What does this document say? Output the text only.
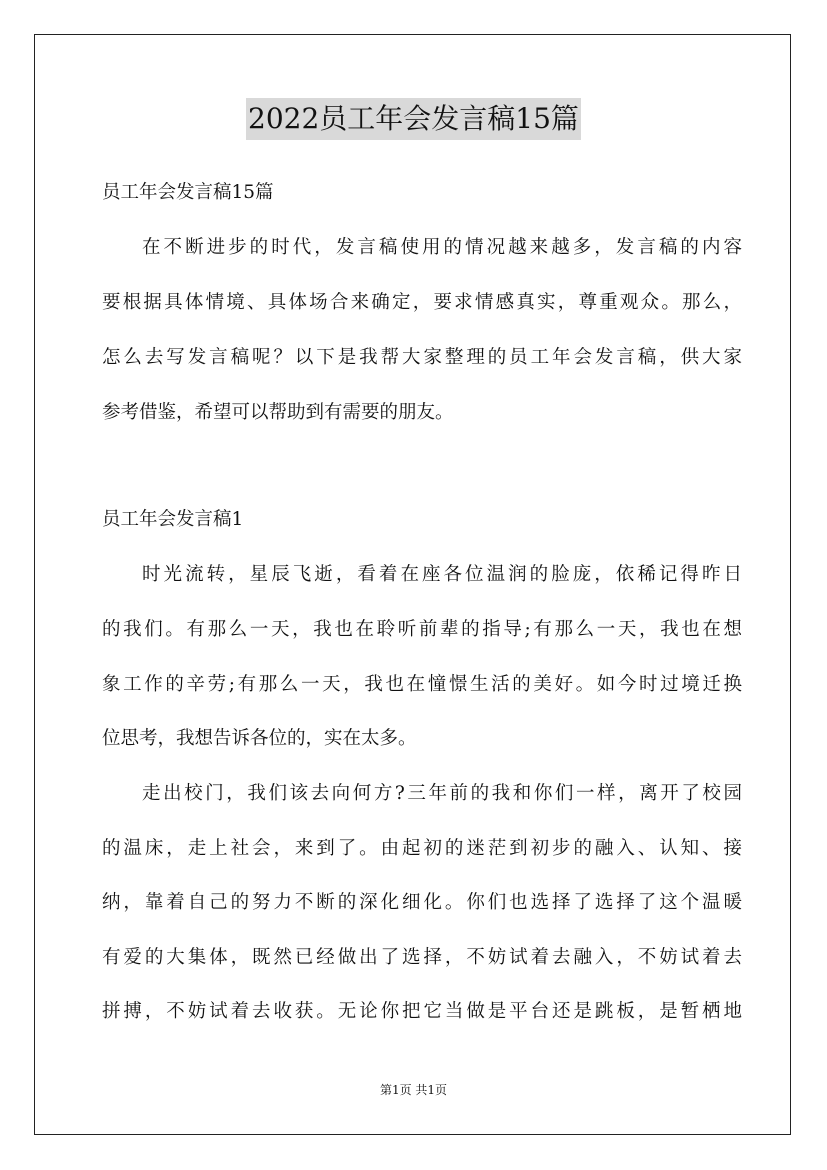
2022员工年会发言稿15篇
员工年会发言稿15篇
在不断进步的时代，发言稿使用的情况越来越多，发言稿的内容
要根据具体情境、具体场合来确定，要求情感真实，尊重观众。那么，
怎么去写发言稿呢？以下是我帮大家整理的员工年会发言稿，供大家
参考借鉴，希望可以帮助到有需要的朋友。
员工年会发言稿1
时光流转，星辰飞逝，看着在座各位温润的脸庞，依稀记得昨日
的我们。有那么一天，我也在聆听前辈的指导;有那么一天，我也在想
象工作的辛劳;有那么一天，我也在憧憬生活的美好。如今时过境迁换
位思考，我想告诉各位的，实在太多。
走出校门，我们该去向何方?三年前的我和你们一样，离开了校园
的温床，走上社会，来到了。由起初的迷茫到初步的融入、认知、接
纳，靠着自己的努力不断的深化细化。你们也选择了选择了这个温暖
有爱的大集体，既然已经做出了选择，不妨试着去融入，不妨试着去
拼搏，不妨试着去收获。无论你把它当做是平台还是跳板，是暂栖地
第1页 共1页
